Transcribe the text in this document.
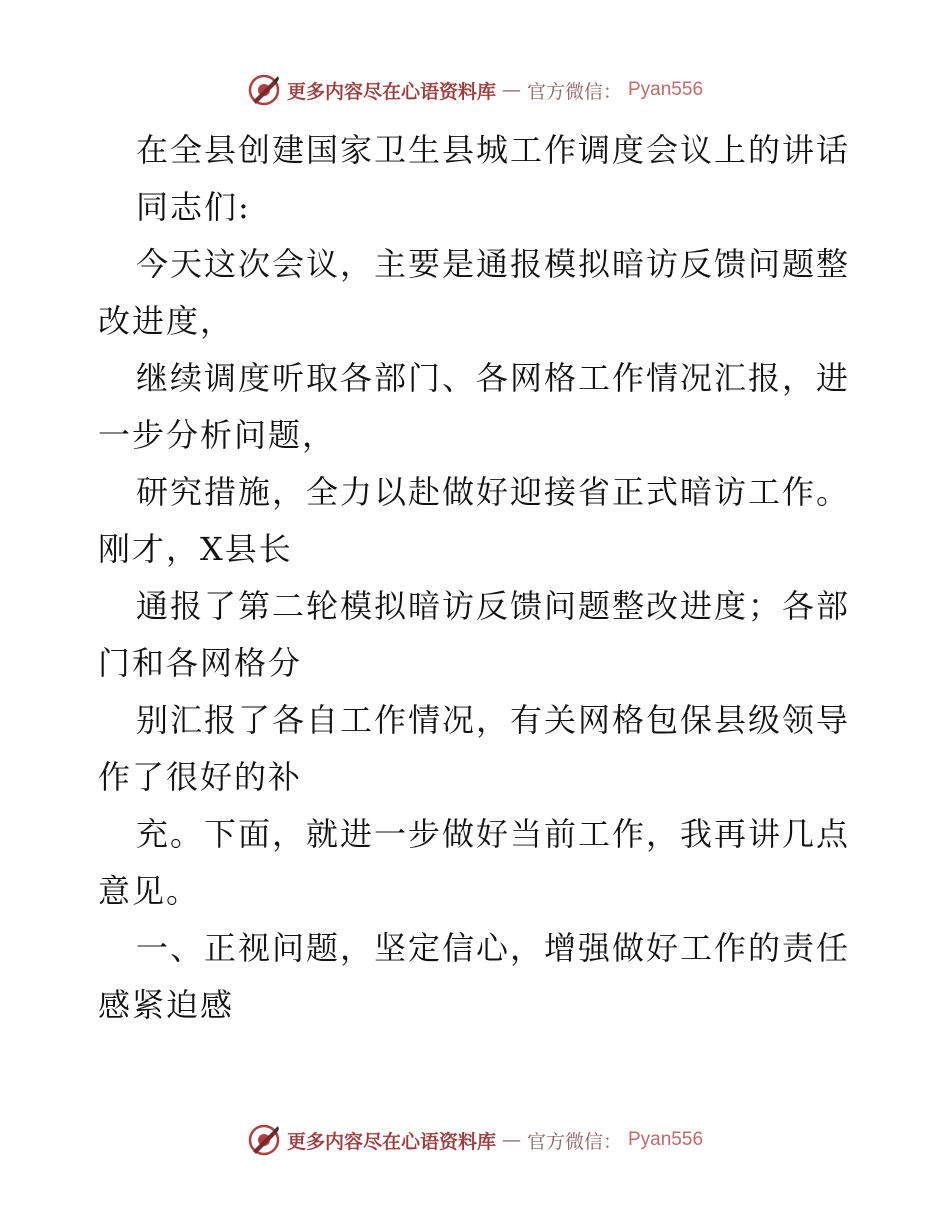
更多内容尽在心语资料库 — 官方微信： Pyan556

在全县创建国家卫生县城工作调度会议上的讲话

同志们:

今天这次会议，主要是通报模拟暗访反馈问题整改进度，

继续调度听取各部门、各网格工作情况汇报，进一步分析问题，

研究措施，全力以赴做好迎接省正式暗访工作。刚才，X县长

通报了第二轮模拟暗访反馈问题整改进度；各部门和各网格分

别汇报了各自工作情况，有关网格包保县级领导作了很好的补

充。下面，就进一步做好当前工作，我再讲几点意见。

一、正视问题，坚定信心，增强做好工作的责任感紧迫感

更多内容尽在心语资料库 — 官方微信： Pyan556
